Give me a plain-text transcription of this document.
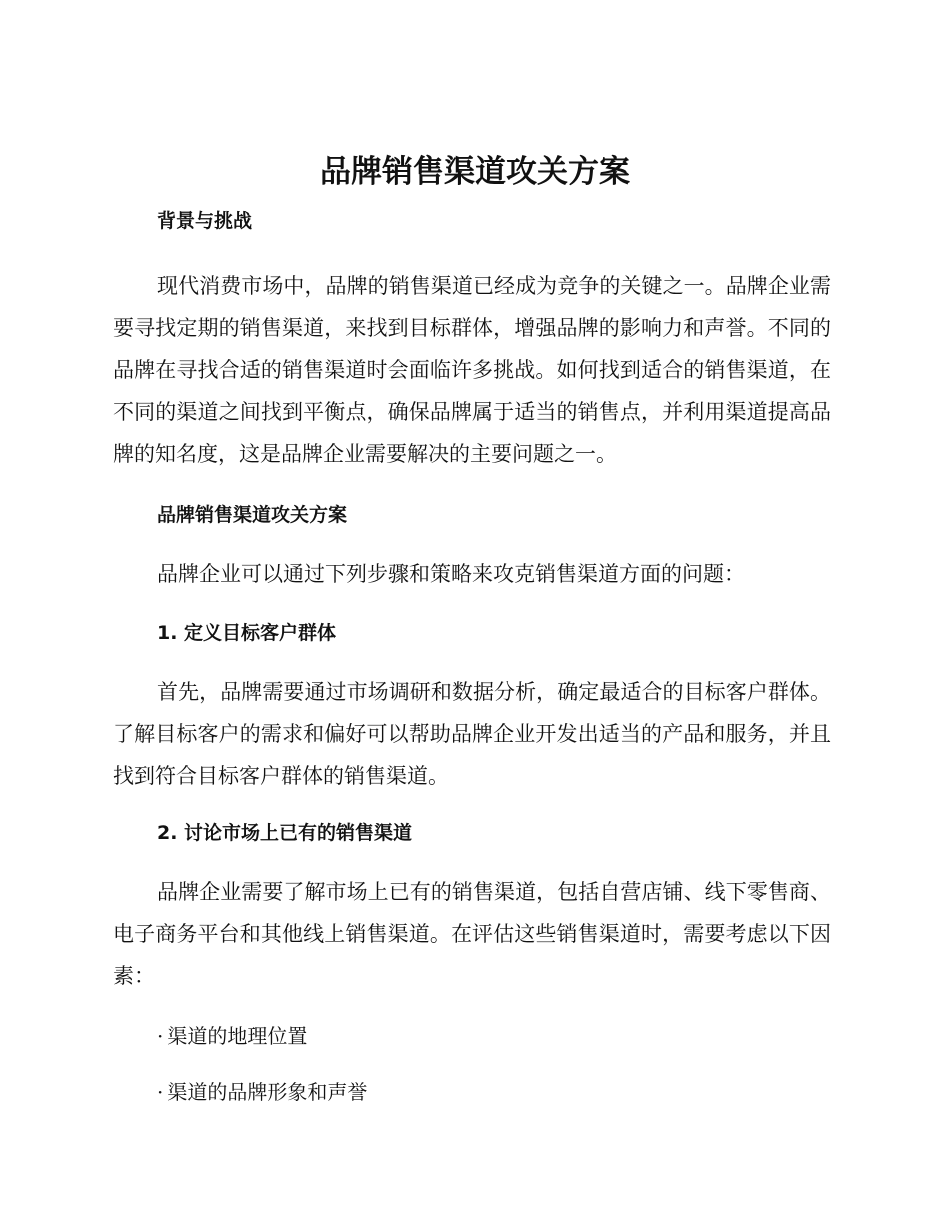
品牌销售渠道攻关方案
背景与挑战

现代消费市场中，品牌的销售渠道已经成为竞争的关键之一。品牌企业需要寻找定期的销售渠道，来找到目标群体，增强品牌的影响力和声誉。不同的品牌在寻找合适的销售渠道时会面临许多挑战。如何找到适合的销售渠道，在不同的渠道之间找到平衡点，确保品牌属于适当的销售点，并利用渠道提高品牌的知名度，这是品牌企业需要解决的主要问题之一。

品牌销售渠道攻关方案

品牌企业可以通过下列步骤和策略来攻克销售渠道方面的问题：

1. 定义目标客户群体

首先，品牌需要通过市场调研和数据分析，确定最适合的目标客户群体。了解目标客户的需求和偏好可以帮助品牌企业开发出适当的产品和服务，并且找到符合目标客户群体的销售渠道。

2. 讨论市场上已有的销售渠道

品牌企业需要了解市场上已有的销售渠道，包括自营店铺、线下零售商、电子商务平台和其他线上销售渠道。在评估这些销售渠道时，需要考虑以下因素：

· 渠道的地理位置

· 渠道的品牌形象和声誉
